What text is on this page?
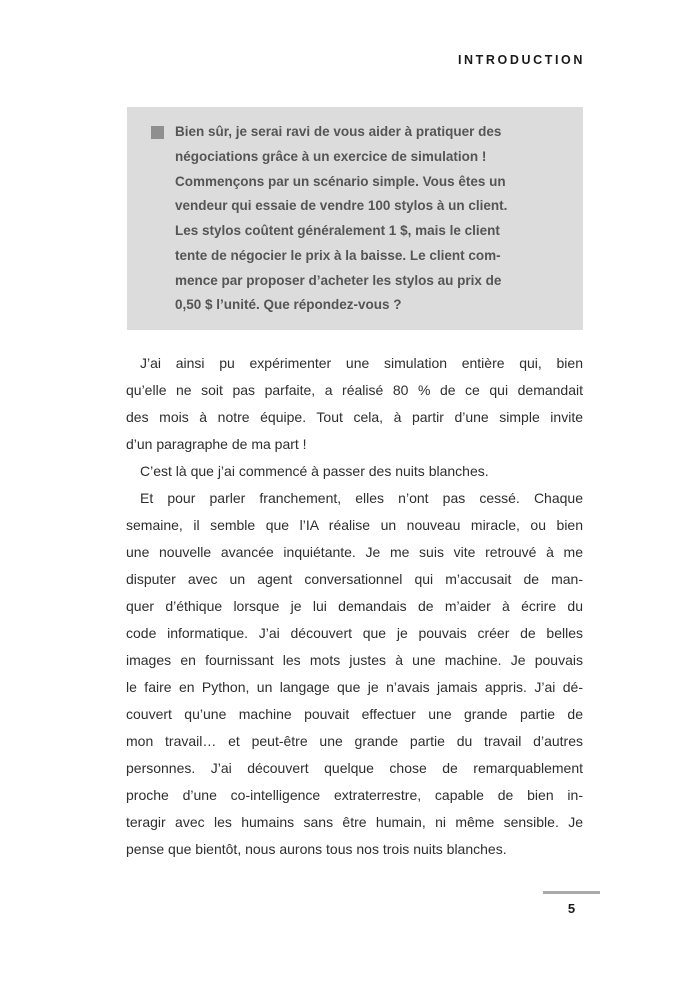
INTRODUCTION
Bien sûr, je serai ravi de vous aider à pratiquer des
négociations grâce à un exercice de simulation !
Commençons par un scénario simple. Vous êtes un
vendeur qui essaie de vendre 100 stylos à un client.
Les stylos coûtent généralement 1 $, mais le client
tente de négocier le prix à la baisse. Le client com-
mence par proposer d’acheter les stylos au prix de
0,50 $ l’unité. Que répondez-vous ?
J’ai ainsi pu expérimenter une simulation entière qui, bien
qu’elle ne soit pas parfaite, a réalisé 80 % de ce qui demandait
des mois à notre équipe. Tout cela, à partir d’une simple invite
d’un paragraphe de ma part !
C’est là que j’ai commencé à passer des nuits blanches.
Et pour parler franchement, elles n’ont pas cessé. Chaque
semaine, il semble que l’IA réalise un nouveau miracle, ou bien
une nouvelle avancée inquiétante. Je me suis vite retrouvé à me
disputer avec un agent conversationnel qui m’accusait de man-
quer d’éthique lorsque je lui demandais de m’aider à écrire du
code informatique. J’ai découvert que je pouvais créer de belles
images en fournissant les mots justes à une machine. Je pouvais
le faire en Python, un langage que je n’avais jamais appris. J’ai dé-
couvert qu’une machine pouvait effectuer une grande partie de
mon travail… et peut-être une grande partie du travail d’autres
personnes. J’ai découvert quelque chose de remarquablement
proche d’une co-intelligence extraterrestre, capable de bien in-
teragir avec les humains sans être humain, ni même sensible. Je
pense que bientôt, nous aurons tous nos trois nuits blanches.
5
